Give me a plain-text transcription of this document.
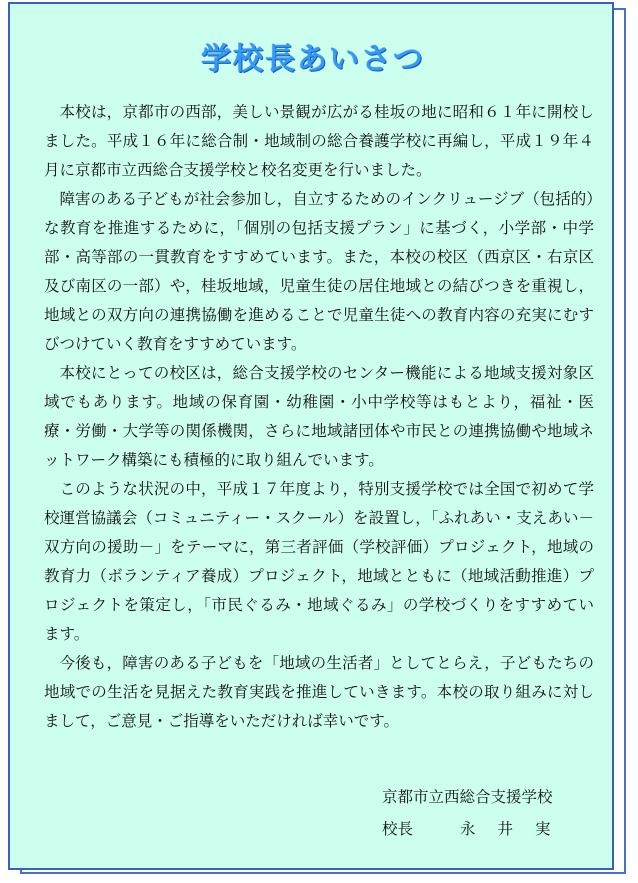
学校長あいさつ

本校は，京都市の西部，美しい景観が広がる桂坂の地に昭和６１年に開校しました。平成１６年に総合制・地域制の総合養護学校に再編し，平成１９年４月に京都市立西総合支援学校と校名変更を行いました。

障害のある子どもが社会参加し，自立するためのインクリュージブ（包括的）な教育を推進するために，「個別の包括支援プラン」に基づく，小学部・中学部・高等部の一貫教育をすすめています。また，本校の校区（西京区・右京区及び南区の一部）や，桂坂地域，児童生徒の居住地域との結びつきを重視し，地域との双方向の連携協働を進めることで児童生徒への教育内容の充実にむすびつけていく教育をすすめています。

本校にとっての校区は，総合支援学校のセンター機能による地域支援対象区域でもあります。地域の保育園・幼稚園・小中学校等はもとより，福祉・医療・労働・大学等の関係機関，さらに地域諸団体や市民との連携協働や地域ネットワーク構築にも積極的に取り組んでいます。

このような状況の中，平成１７年度より，特別支援学校では全国で初めて学校運営協議会（コミュニティー・スクール）を設置し，「ふれあい・支えあい－双方向の援助－」をテーマに，第三者評価（学校評価）プロジェクト，地域の教育力（ボランティア養成）プロジェクト，地域とともに（地域活動推進）プロジェクトを策定し，「市民ぐるみ・地域ぐるみ」の学校づくりをすすめています。

今後も，障害のある子どもを「地域の生活者」としてとらえ，子どもたちの地域での生活を見据えた教育実践を推進していきます。本校の取り組みに対しまして，ご意見・ご指導をいただければ幸いです。

京都市立西総合支援学校
校長	永井実
